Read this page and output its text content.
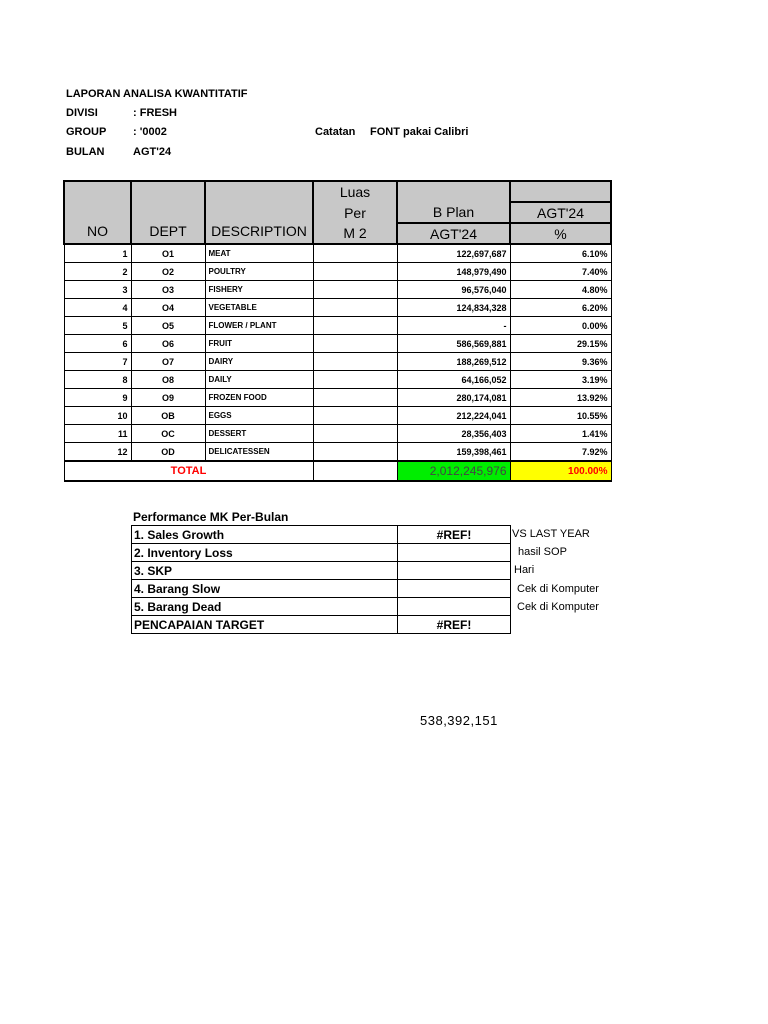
LAPORAN ANALISA KWANTITATIF
DIVISI	: FRESH
GROUP : '0002	Catatan FONT pakai Calibri
BULAN	AGT'24
NO	DEPT	DESCRIPTION	Luas		
			Per	B Plan	AGT'24
			M 2	AGT'24	%
1	O1	MEAT		122,697,687	6.10%
2	O2	POULTRY		148,979,490	7.40%
3	O3	FISHERY		96,576,040	4.80%
4	O4	VEGETABLE		124,834,328	6.20%
5	O5	FLOWER / PLANT		-	0.00%
6	O6	FRUIT		586,569,881	29.15%
7	O7	DAIRY		188,269,512	9.36%
8	O8	DAILY		64,166,052	3.19%
9	O9	FROZEN FOOD		280,174,081	13.92%
10	OB	EGGS		212,224,041	10.55%
11	OC	DESSERT		28,356,403	1.41%
12	OD	DELICATESSEN		159,398,461	7.92%
TOTAL				2,012,245,976	100.00%
Performance MK Per-Bulan
1. Sales Growth	#REF!
2. Inventory Loss	
3. SKP	
4. Barang Slow	
5. Barang Dead	
PENCAPAIAN TARGET	#REF!
VS LAST YEAR
hasil SOP
Hari
Cek di Komputer
Cek di Komputer
538,392,151
